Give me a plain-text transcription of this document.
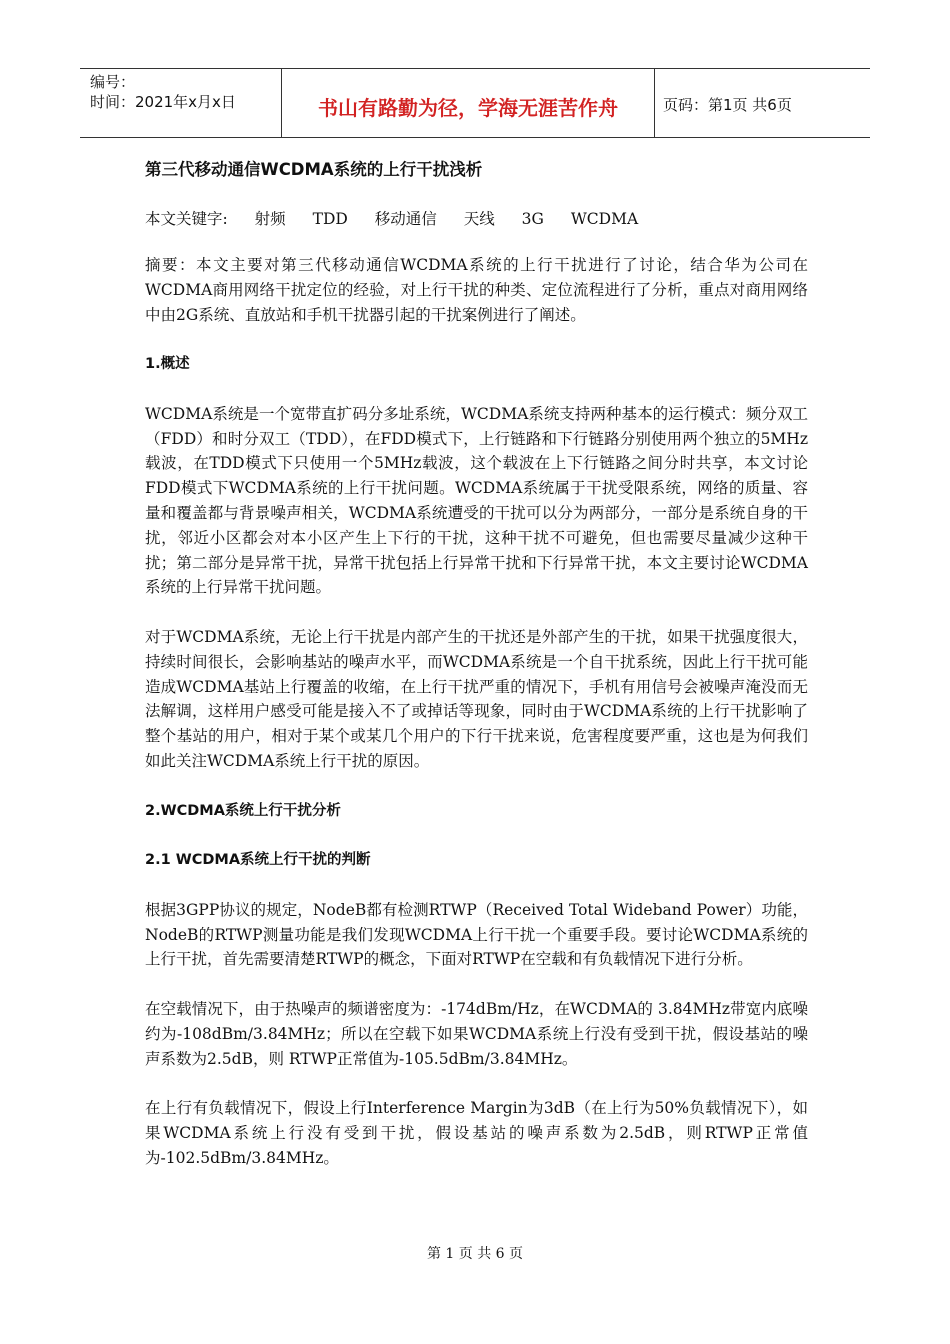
编号：
时间：2021年x月x日	书山有路勤为径，学海无涯苦作舟	页码：第1页 共6页
第三代移动通信WCDMA系统的上行干扰浅析
本文关键字: 射频 TDD 移动通信 天线 3G WCDMA

摘要：本文主要对第三代移动通信WCDMA系统的上行干扰进行了讨论，结合华为公司在WCDMA商用网络干扰定位的经验，对上行干扰的种类、定位流程进行了分析，重点对商用网络中由2G系统、直放站和手机干扰器引起的干扰案例进行了阐述。

1.概述

WCDMA系统是一个宽带直扩码分多址系统，WCDMA系统支持两种基本的运行模式：频分双工（FDD）和时分双工（TDD），在FDD模式下，上行链路和下行链路分别使用两个独立的5MHz载波，在TDD模式下只使用一个5MHz载波，这个载波在上下行链路之间分时共享，本文讨论FDD模式下WCDMA系统的上行干扰问题。WCDMA系统属于干扰受限系统，网络的质量、容量和覆盖都与背景噪声相关，WCDMA系统遭受的干扰可以分为两部分，一部分是系统自身的干扰，邻近小区都会对本小区产生上下行的干扰，这种干扰不可避免，但也需要尽量减少这种干扰；第二部分是异常干扰，异常干扰包括上行异常干扰和下行异常干扰，本文主要讨论WCDMA系统的上行异常干扰问题。

对于WCDMA系统，无论上行干扰是内部产生的干扰还是外部产生的干扰，如果干扰强度很大，持续时间很长，会影响基站的噪声水平，而WCDMA系统是一个自干扰系统，因此上行干扰可能造成WCDMA基站上行覆盖的收缩，在上行干扰严重的情况下，手机有用信号会被噪声淹没而无法解调，这样用户感受可能是接入不了或掉话等现象，同时由于WCDMA系统的上行干扰影响了整个基站的用户，相对于某个或某几个用户的下行干扰来说，危害程度要严重，这也是为何我们如此关注WCDMA系统上行干扰的原因。

2.WCDMA系统上行干扰分析
2.1 WCDMA系统上行干扰的判断

根据3GPP协议的规定，NodeB都有检测RTWP（Received Total Wideband Power）功能，NodeB的RTWP测量功能是我们发现WCDMA上行干扰一个重要手段。要讨论WCDMA系统的上行干扰，首先需要清楚RTWP的概念，下面对RTWP在空载和有负载情况下进行分析。

在空载情况下，由于热噪声的频谱密度为：-174dBm/Hz，在WCDMA的 3.84MHz带宽内底噪约为-108dBm/3.84MHz；所以在空载下如果WCDMA系统上行没有受到干扰，假设基站的噪声系数为2.5dB，则 RTWP正常值为-105.5dBm/3.84MHz。

在上行有负载情况下，假设上行Interference Margin为3dB（在上行为50%负载情况下），如果WCDMA系统上行没有受到干扰，假设基站的噪声系数为2.5dB，则RTWP正常值为-102.5dBm/3.84MHz。

第 1 页 共 6 页
